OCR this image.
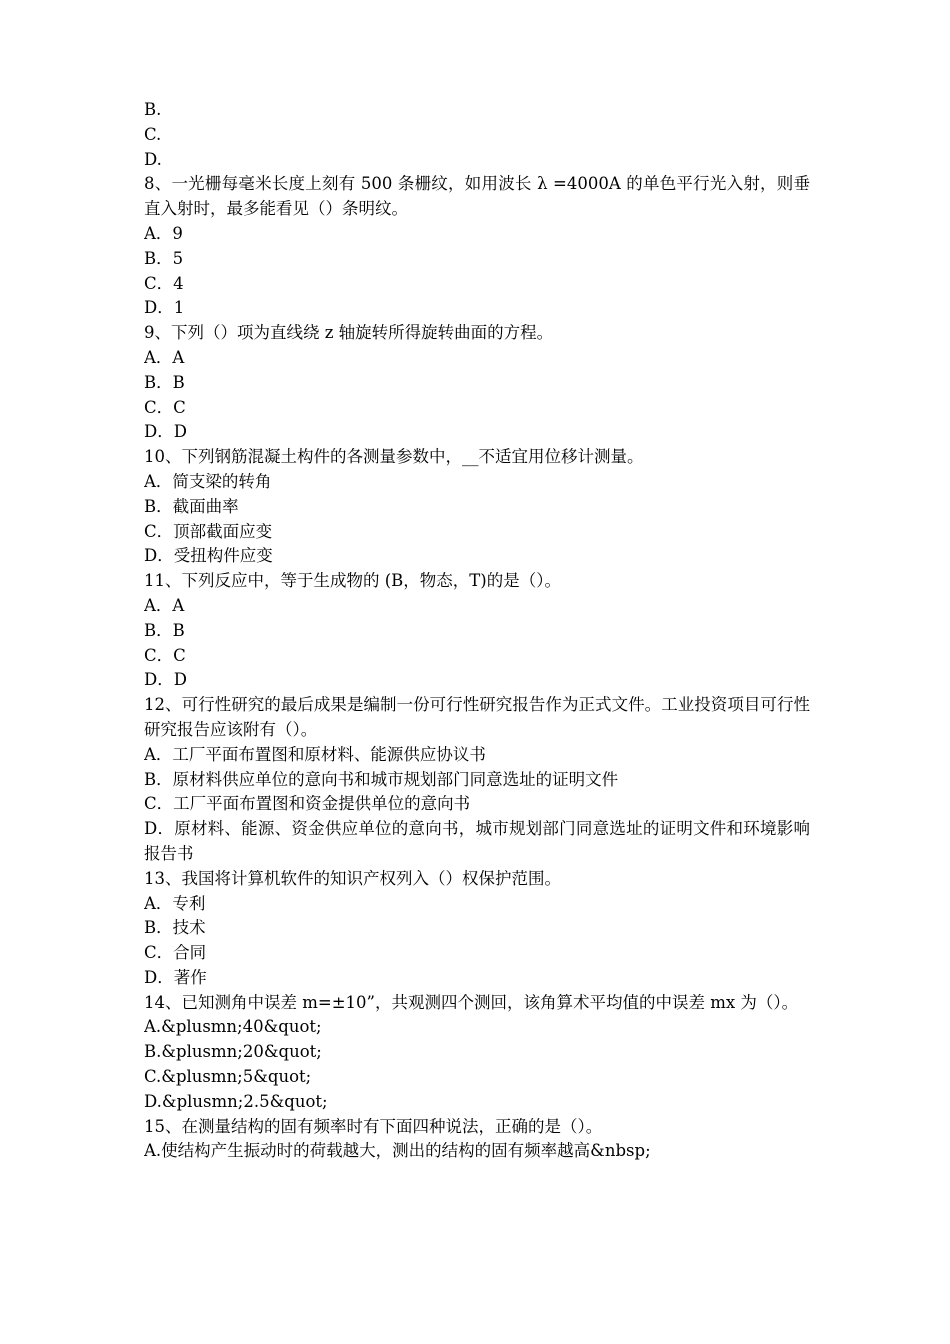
B.
C.
D.
8、一光栅每毫米长度上刻有 500 条栅纹，如用波长 λ =4000A 的单色平行光入射，则垂直入射时，最多能看见（）条明纹。
A．9
B．5
C．4
D．1
9、下列（）项为直线绕 z 轴旋转所得旋转曲面的方程。
A．A
B．B
C．C
D．D
10、下列钢筋混凝土构件的各测量参数中，__不适宜用位移计测量。
A．简支梁的转角
B．截面曲率
C．顶部截面应变
D．受扭构件应变
11、下列反应中，等于生成物的 (B，物态，T)的是（）。
A．A
B．B
C．C
D．D
12、可行性研究的最后成果是编制一份可行性研究报告作为正式文件。工业投资项目可行性研究报告应该附有（）。
A．工厂平面布置图和原材料、能源供应协议书
B．原材料供应单位的意向书和城市规划部门同意选址的证明文件
C．工厂平面布置图和资金提供单位的意向书
D．原材料、能源、资金供应单位的意向书，城市规划部门同意选址的证明文件和环境影响报告书
13、我国将计算机软件的知识产权列入（）权保护范围。
A．专利
B．技术
C．合同
D．著作
14、已知测角中误差 m=±10”，共观测四个测回，该角算术平均值的中误差 mx 为（）。
A.&plusmn;40&quot;
B.&plusmn;20&quot;
C.&plusmn;5&quot;
D.&plusmn;2.5&quot;
15、在测量结构的固有频率时有下面四种说法，正确的是（）。
A.使结构产生振动时的荷载越大，测出的结构的固有频率越高&nbsp;
